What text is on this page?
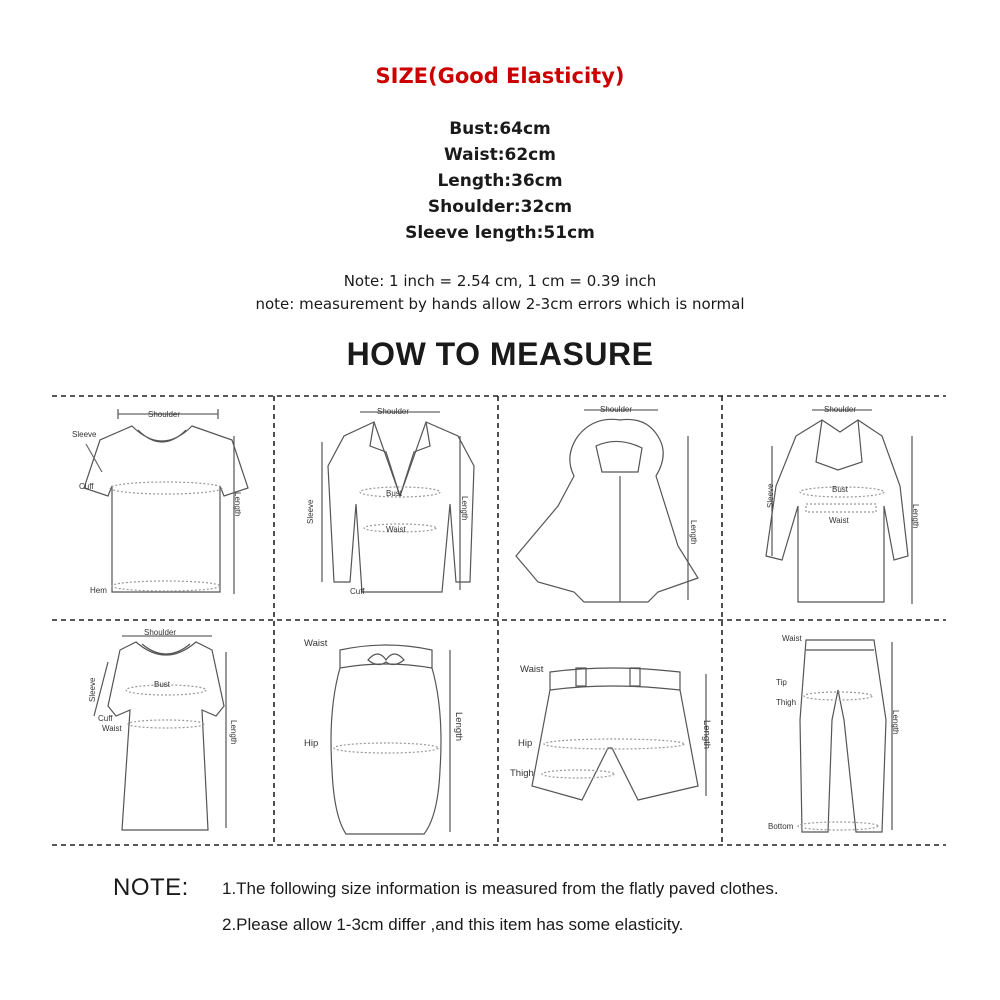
SIZE(Good Elasticity)
Bust:64cm
Waist:62cm
Length:36cm
Shoulder:32cm
Sleeve length:51cm
Note: 1 inch = 2.54 cm, 1 cm = 0.39 inch
note: measurement by hands allow 2-3cm errors which is normal
HOW TO MEASURE
Shoulder
Sleeve
Cuff
Hem
Length
Shoulder
Sleeve
Bust
Waist
Cuff
Length
Shoulder
Length
Shoulder
Sleeve	Bust
Waist	Length
Shoulder
Sleeve	Bust
Cuff
Waist	Length
Waist
Hip
Length
Waist
Hip
Thigh
Length
Waist
Tip
Thigh
Bottom
Length
NOTE: 1.The following size information is measured from the flatly paved clothes.
2.Please allow 1-3cm differ ,and this item has some elasticity.
